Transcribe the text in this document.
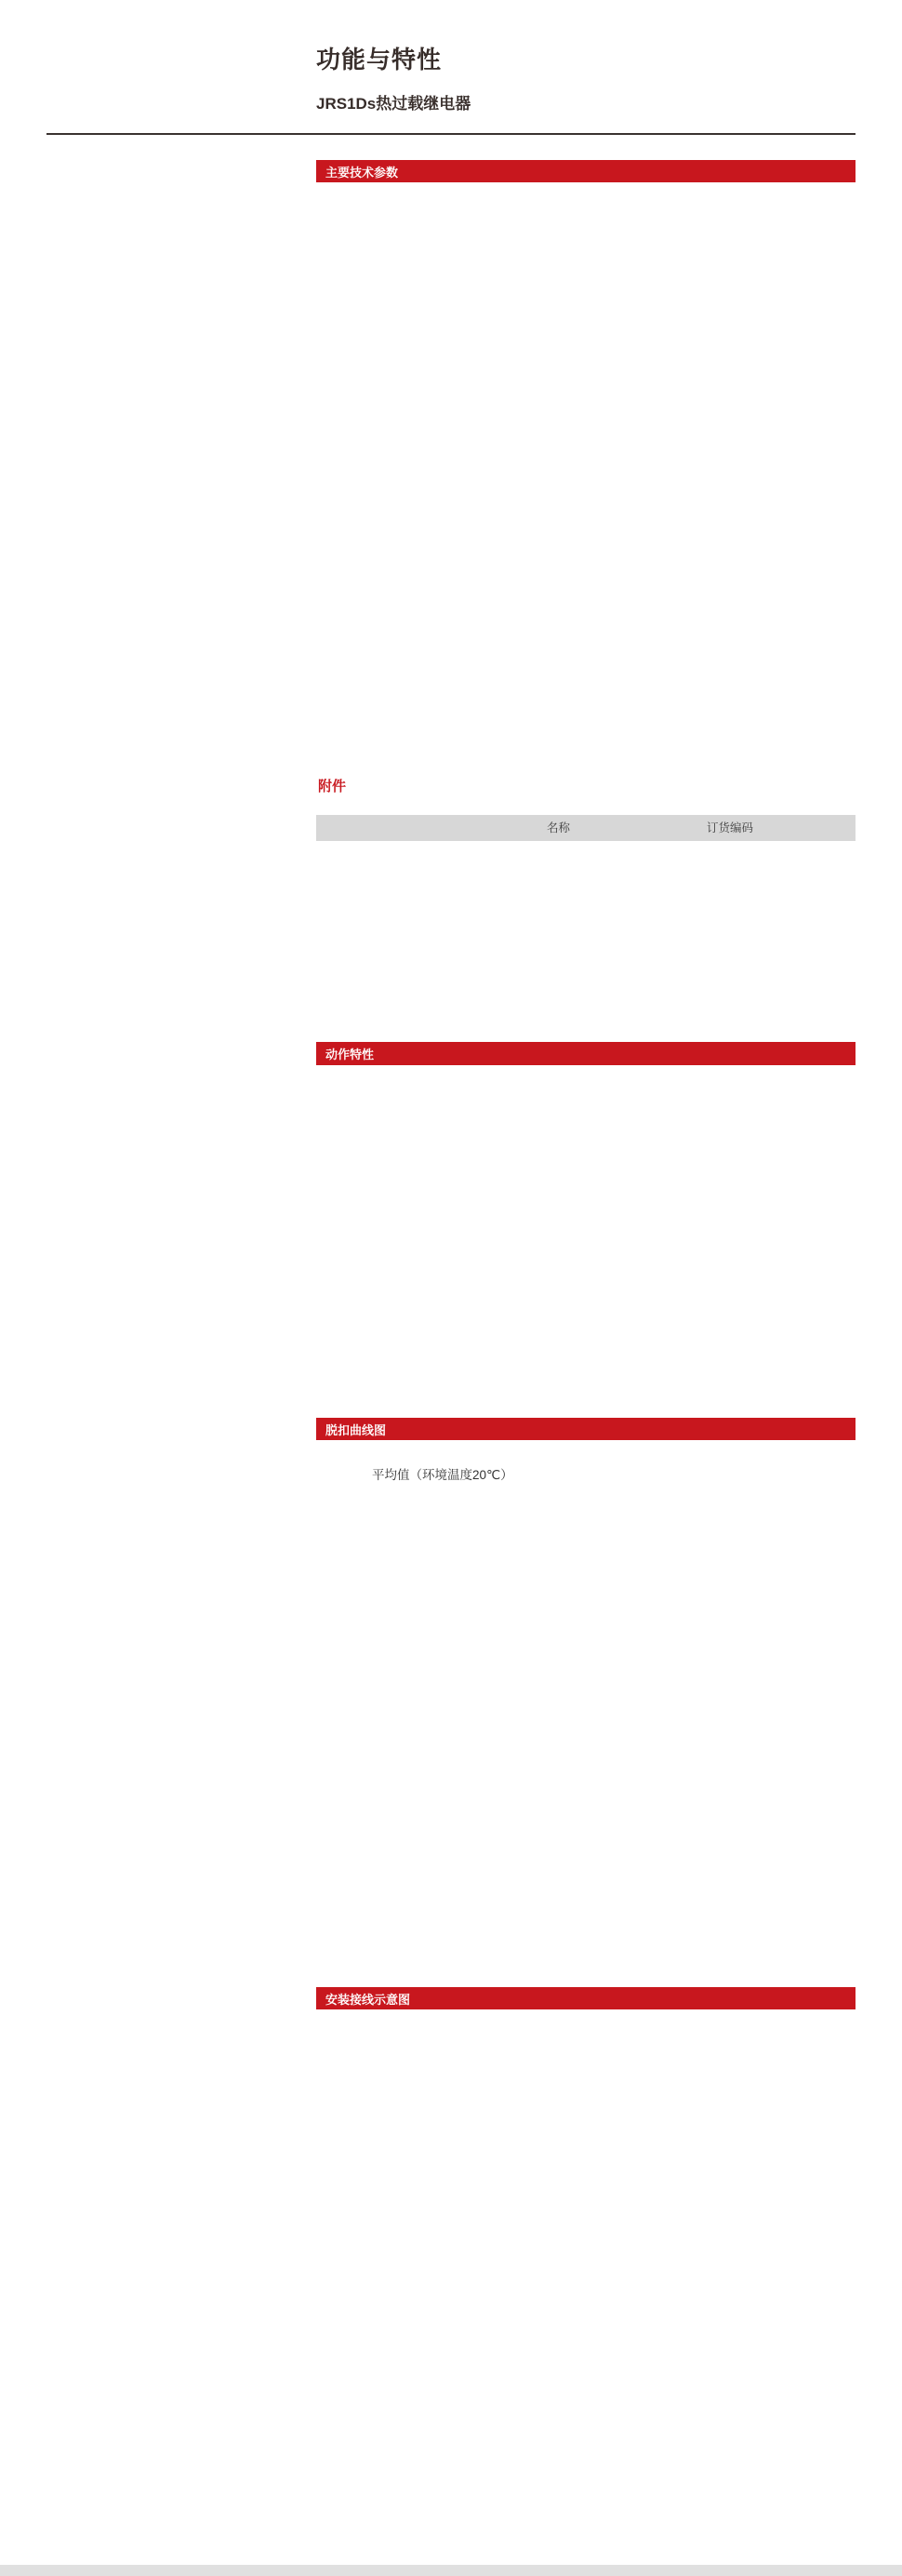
功能与特性
JRS1Ds热过载继电器
主要技术参数
附件
名称	订货编码
动作特性
脱扣曲线图
平均值（环境温度20℃）
安装接线示意图
